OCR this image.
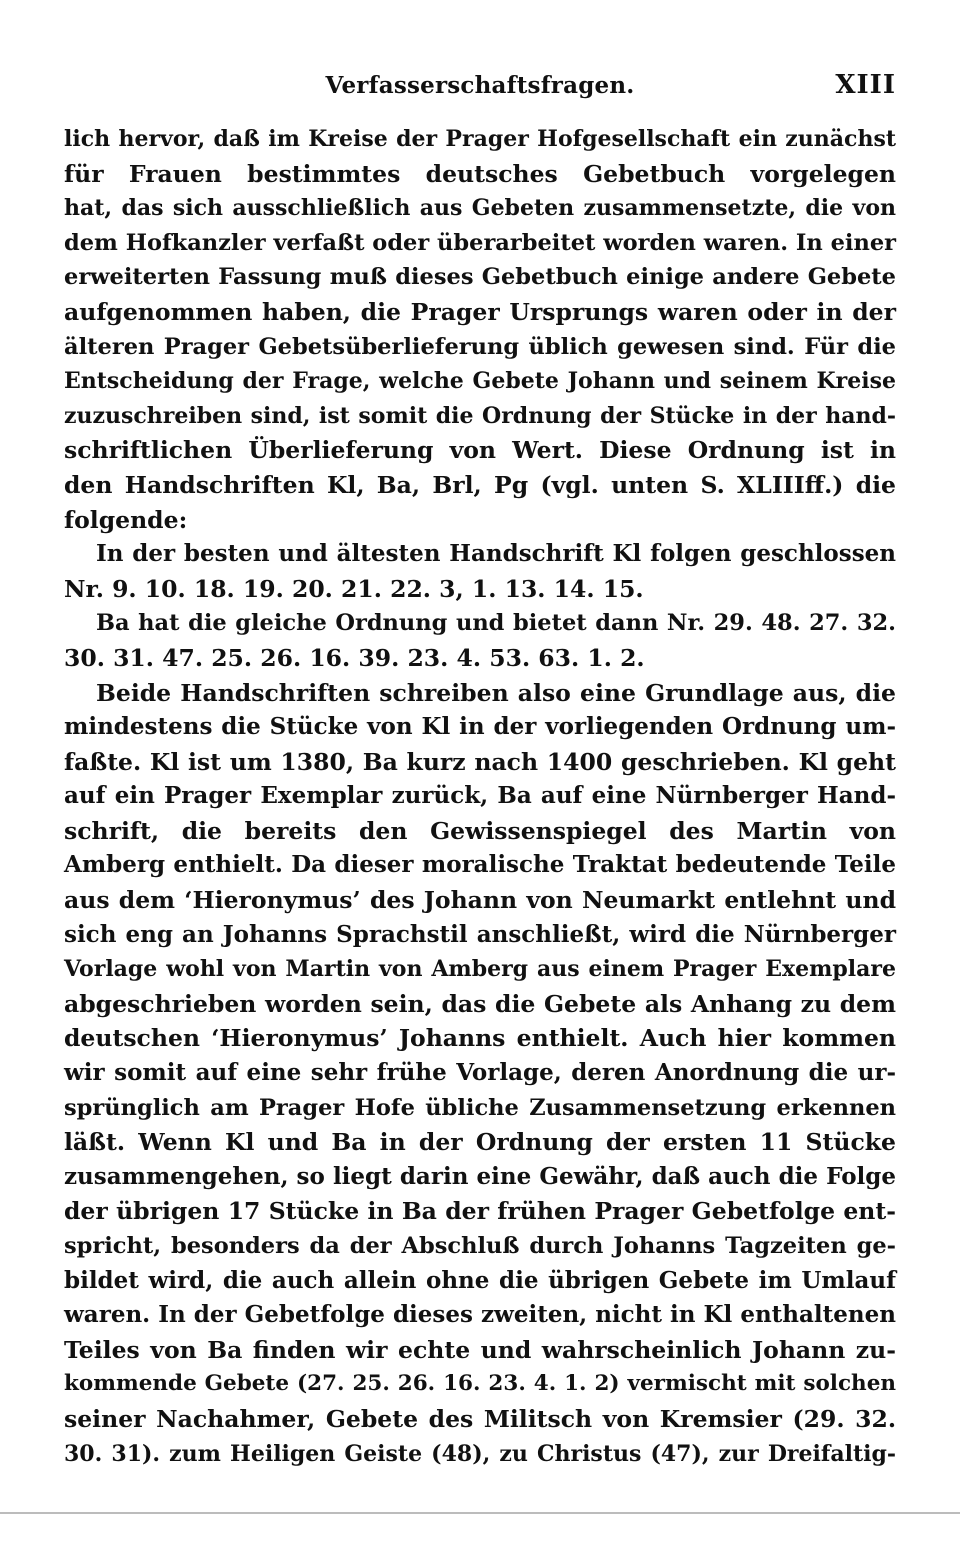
Verfasserschaftsfragen.	XIII
lich hervor, daß im Kreise der Prager Hofgesellschaft ein zunächst
für Frauen bestimmtes deutsches Gebetbuch vorgelegen
hat, das sich ausschließlich aus Gebeten zusammensetzte, die von
dem Hofkanzler verfaßt oder überarbeitet worden waren. In einer
erweiterten Fassung muß dieses Gebetbuch einige andere Gebete
aufgenommen haben, die Prager Ursprungs waren oder in der
älteren Prager Gebetsüberlieferung üblich gewesen sind. Für die
Entscheidung der Frage, welche Gebete Johann und seinem Kreise
zuzuschreiben sind, ist somit die Ordnung der Stücke in der hand-
schriftlichen Überlieferung von Wert. Diese Ordnung ist in
den Handschriften Kl, Ba, Brl, Pg (vgl. unten S. XLIIIff.) die
folgende:
In der besten und ältesten Handschrift Kl folgen geschlossen
Nr. 9. 10. 18. 19. 20. 21. 22. 3, 1. 13. 14. 15.
Ba hat die gleiche Ordnung und bietet dann Nr. 29. 48. 27. 32.
30. 31. 47. 25. 26. 16. 39. 23. 4. 53. 63. 1. 2.
Beide Handschriften schreiben also eine Grundlage aus, die
mindestens die Stücke von Kl in der vorliegenden Ordnung um-
faßte. Kl ist um 1380, Ba kurz nach 1400 geschrieben. Kl geht
auf ein Prager Exemplar zurück, Ba auf eine Nürnberger Hand-
schrift, die bereits den Gewissenspiegel des Martin von
Amberg enthielt. Da dieser moralische Traktat bedeutende Teile
aus dem ‘Hieronymus’ des Johann von Neumarkt entlehnt und
sich eng an Johanns Sprachstil anschließt, wird die Nürnberger
Vorlage wohl von Martin von Amberg aus einem Prager Exemplare
abgeschrieben worden sein, das die Gebete als Anhang zu dem
deutschen ‘Hieronymus’ Johanns enthielt. Auch hier kommen
wir somit auf eine sehr frühe Vorlage, deren Anordnung die ur-
sprünglich am Prager Hofe übliche Zusammensetzung erkennen
läßt. Wenn Kl und Ba in der Ordnung der ersten 11 Stücke
zusammengehen, so liegt darin eine Gewähr, daß auch die Folge
der übrigen 17 Stücke in Ba der frühen Prager Gebetfolge ent-
spricht, besonders da der Abschluß durch Johanns Tagzeiten ge-
bildet wird, die auch allein ohne die übrigen Gebete im Umlauf
waren. In der Gebetfolge dieses zweiten, nicht in Kl enthaltenen
Teiles von Ba finden wir echte und wahrscheinlich Johann zu-
kommende Gebete (27. 25. 26. 16. 23. 4. 1. 2) vermischt mit solchen
seiner Nachahmer, Gebete des Militsch von Kremsier (29. 32.
30. 31). zum Heiligen Geiste (48), zu Christus (47), zur Dreifaltig-
